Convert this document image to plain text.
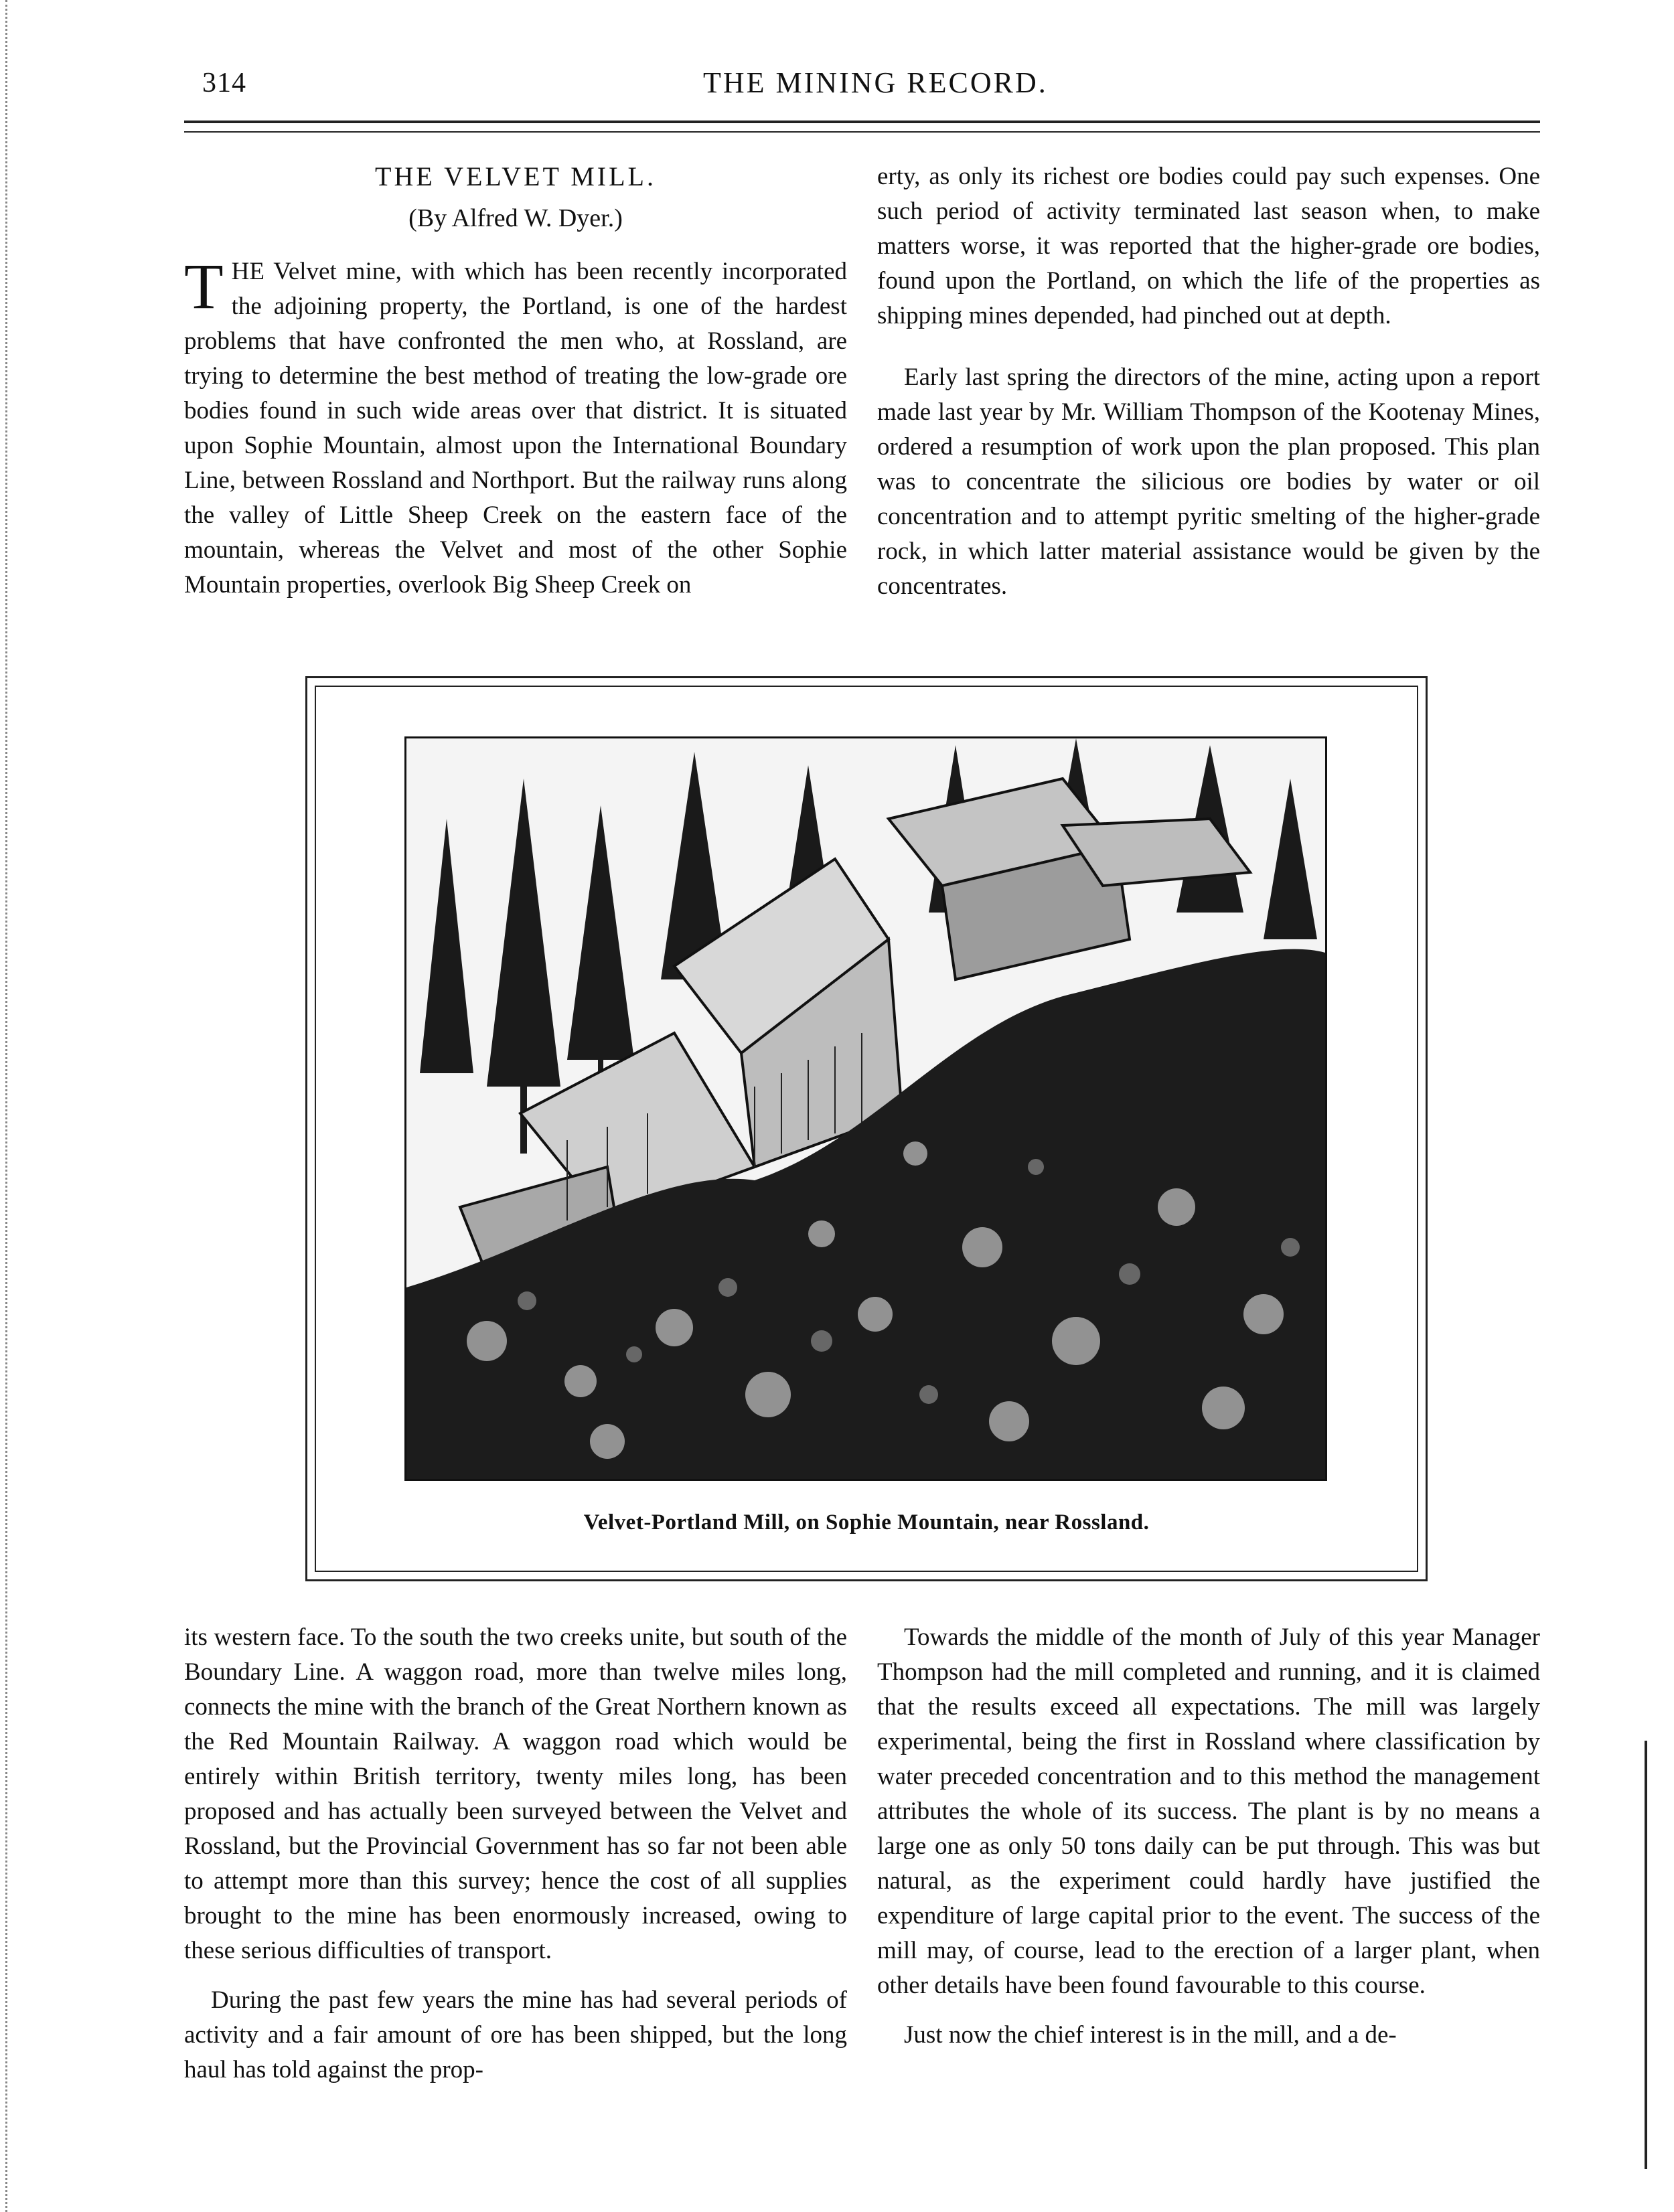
314	THE MINING RECORD.
THE VELVET MILL.
(By Alfred W. Dyer.)

THE Velvet mine, with which has been recently incorporated the adjoining property, the Portland, is one of the hardest problems that have confronted the men who, at Rossland, are trying to determine the best method of treating the low-grade ore bodies found in such wide areas over that district. It is situated upon Sophie Mountain, almost upon the International Boundary Line, between Rossland and Northport. But the railway runs along the valley of Little Sheep Creek on the eastern face of the mountain, whereas the Velvet and most of the other Sophie Mountain properties, overlook Big Sheep Creek on

erty, as only its richest ore bodies could pay such expenses. One such period of activity terminated last season when, to make matters worse, it was reported that the higher-grade ore bodies, found upon the Portland, on which the life of the properties as shipping mines depended, had pinched out at depth.

Early last spring the directors of the mine, acting upon a report made last year by Mr. William Thompson of the Kootenay Mines, ordered a resumption of work upon the plan proposed. This plan was to concentrate the silicious ore bodies by water or oil concentration and to attempt pyritic smelting of the higher-grade rock, in which latter material assistance would be given by the concentrates.

Velvet-Portland Mill, on Sophie Mountain, near Rossland.

its western face. To the south the two creeks unite, but south of the Boundary Line. A waggon road, more than twelve miles long, connects the mine with the branch of the Great Northern known as the Red Mountain Railway. A waggon road which would be entirely within British territory, twenty miles long, has been proposed and has actually been surveyed between the Velvet and Rossland, but the Provincial Government has so far not been able to attempt more than this survey; hence the cost of all supplies brought to the mine has been enormously increased, owing to these serious difficulties of transport.

During the past few years the mine has had several periods of activity and a fair amount of ore has been shipped, but the long haul has told against the prop-

Towards the middle of the month of July of this year Manager Thompson had the mill completed and running, and it is claimed that the results exceed all expectations. The mill was largely experimental, being the first in Rossland where classification by water preceded concentration and to this method the management attributes the whole of its success. The plant is by no means a large one as only 50 tons daily can be put through. This was but natural, as the experiment could hardly have justified the expenditure of large capital prior to the event. The success of the mill may, of course, lead to the erection of a larger plant, when other details have been found favourable to this course.

Just now the chief interest is in the mill, and a de-
